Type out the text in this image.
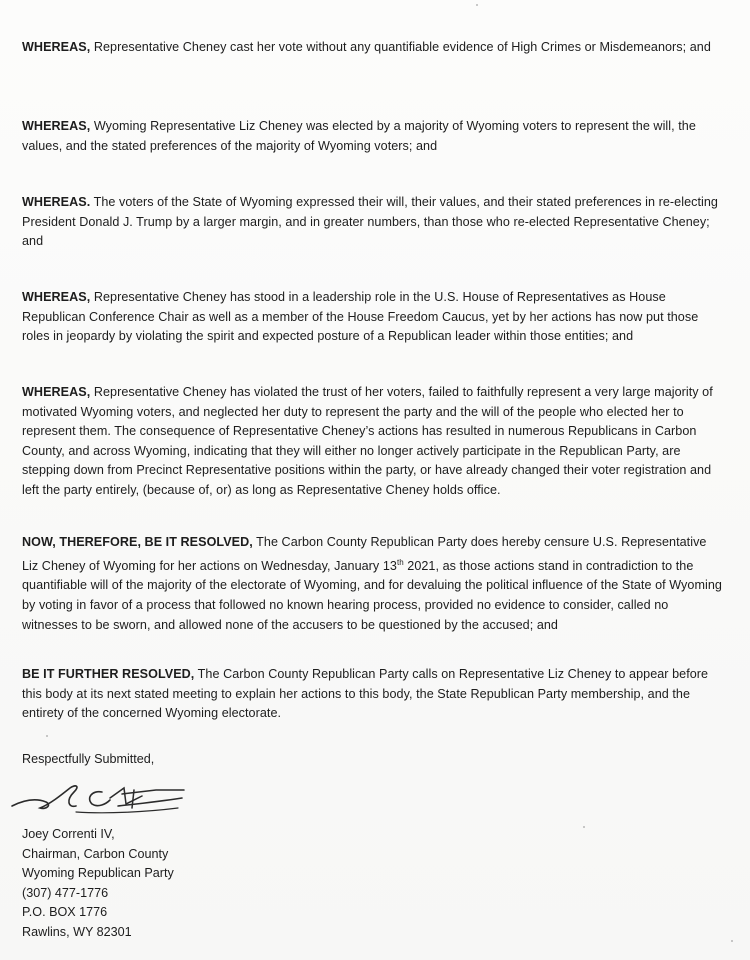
WHEREAS, Representative Cheney cast her vote without any quantifiable evidence of High Crimes or Misdemeanors; and

WHEREAS, Wyoming Representative Liz Cheney was elected by a majority of Wyoming voters to represent the will, the values, and the stated preferences of the majority of Wyoming voters; and

WHEREAS. The voters of the State of Wyoming expressed their will, their values, and their stated preferences in re-electing President Donald J. Trump by a larger margin, and in greater numbers, than those who re-elected Representative Cheney; and

WHEREAS, Representative Cheney has stood in a leadership role in the U.S. House of Representatives as House Republican Conference Chair as well as a member of the House Freedom Caucus, yet by her actions has now put those roles in jeopardy by violating the spirit and expected posture of a Republican leader within those entities; and

WHEREAS, Representative Cheney has violated the trust of her voters, failed to faithfully represent a very large majority of motivated Wyoming voters, and neglected her duty to represent the party and the will of the people who elected her to represent them. The consequence of Representative Cheney’s actions has resulted in numerous Republicans in Carbon County, and across Wyoming, indicating that they will either no longer actively participate in the Republican Party, are stepping down from Precinct Representative positions within the party, or have already changed their voter registration and left the party entirely, (because of, or) as long as Representative Cheney holds office.

NOW, THEREFORE, BE IT RESOLVED, The Carbon County Republican Party does hereby censure U.S. Representative Liz Cheney of Wyoming for her actions on Wednesday, January 13th 2021, as those actions stand in contradiction to the quantifiable will of the majority of the electorate of Wyoming, and for devaluing the political influence of the State of Wyoming by voting in favor of a process that followed no known hearing process, provided no evidence to consider, called no witnesses to be sworn, and allowed none of the accusers to be questioned by the accused; and

BE IT FURTHER RESOLVED, The Carbon County Republican Party calls on Representative Liz Cheney to appear before this body at its next stated meeting to explain her actions to this body, the State Republican Party membership, and the entirety of the concerned Wyoming electorate.

Respectfully Submitted,
Joey Correnti IV,
Chairman, Carbon County
Wyoming Republican Party
(307) 477-1776
P.O. BOX 1776
Rawlins, WY 82301
